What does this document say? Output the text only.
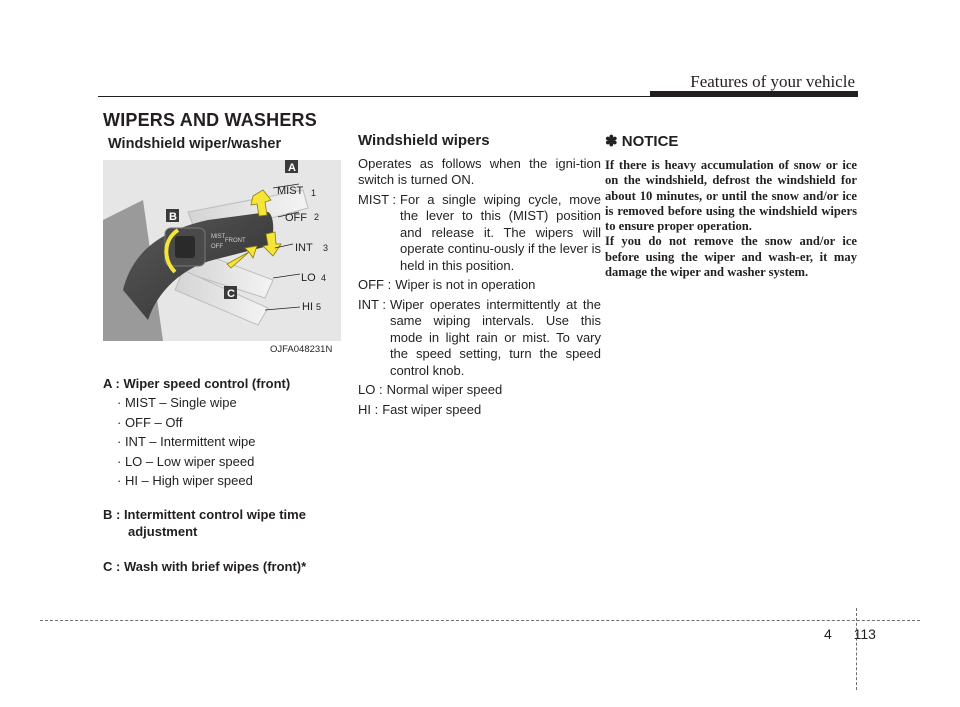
Features of your vehicle
WIPERS AND WASHERS
Windshield wiper/washer
MIST
OFF
FRONT
A
B
C
MIST 1
OFF 2
INT 3
LO 4
HI 5
OJFA048231N
A : Wiper speed control (front)
· MIST – Single wipe
· OFF – Off
· INT – Intermittent wipe
· LO – Low wiper speed
· HI – High wiper speed
B : Intermittent control wipe time adjustment
C : Wash with brief wipes (front)*
Windshield wipers

Operates as follows when the igni-tion switch is turned ON.

MIST : For a single wiping cycle, move the lever to this (MIST) position and release it. The wipers will operate continu-ously if the lever is held in this position.
OFF : Wiper is not in operation
INT : Wiper operates intermittently at the same wiping intervals. Use this mode in light rain or mist. To vary the speed setting, turn the speed control knob.
LO : Normal wiper speed
HI : Fast wiper speed
✽ NOTICE

If there is heavy accumulation of snow or ice on the windshield, defrost the windshield for about 10 minutes, or until the snow and/or ice is removed before using the windshield wipers to ensure proper operation.

If you do not remove the snow and/or ice before using the wiper and wash-er, it may damage the wiper and washer system.

4 113
